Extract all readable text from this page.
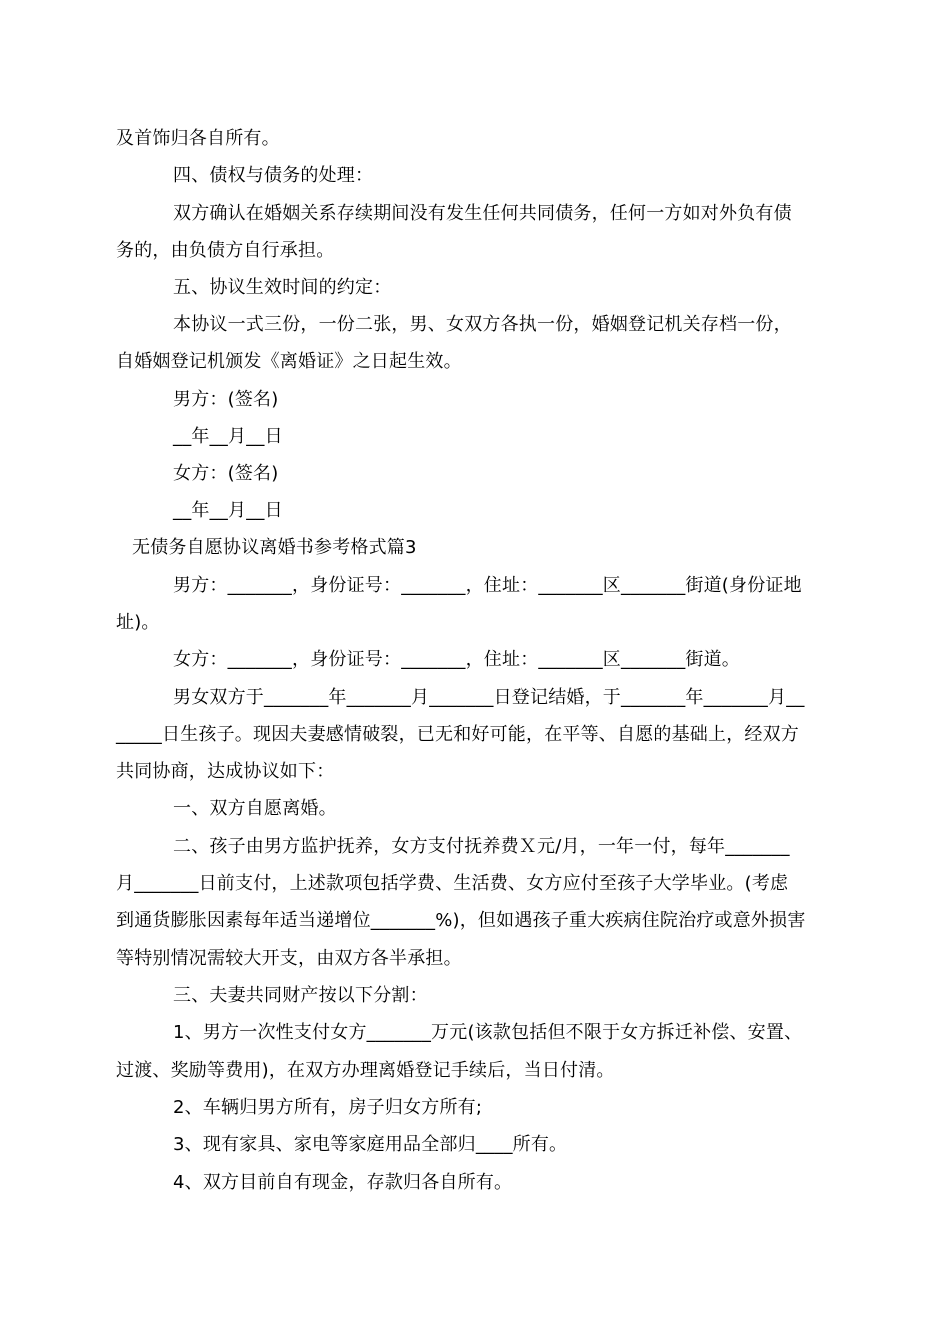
及首饰归各自所有。
四、债权与债务的处理：
双方确认在婚姻关系存续期间没有发生任何共同债务，任何一方如对外负有债
务的，由负债方自行承担。
五、协议生效时间的约定：
本协议一式三份，一份二张，男、女双方各执一份，婚姻登记机关存档一份，
自婚姻登记机颁发《离婚证》之日起生效。
男方：(签名)
__年__月__日
女方：(签名)
__年__月__日
无债务自愿协议离婚书参考格式篇3
男方：_______，身份证号：_______，住址：_______区_______街道(身份证地
址)。
女方：_______，身份证号：_______，住址：_______区_______街道。
男女双方于_______年_______月_______日登记结婚，于_______年_______月__
_____日生孩子。现因夫妻感情破裂，已无和好可能，在平等、自愿的基础上，经双方
共同协商，达成协议如下：
一、双方自愿离婚。
二、孩子由男方监护抚养，女方支付抚养费Ｘ元/月，一年一付，每年_______
月_______日前支付，上述款项包括学费、生活费、女方应付至孩子大学毕业。(考虑
到通货膨胀因素每年适当递增位_______%)，但如遇孩子重大疾病住院治疗或意外损害
等特别情况需较大开支，由双方各半承担。
三、夫妻共同财产按以下分割：
1、男方一次性支付女方_______万元(该款包括但不限于女方拆迁补偿、安置、
过渡、奖励等费用)，在双方办理离婚登记手续后，当日付清。
2、车辆归男方所有，房子归女方所有;
3、现有家具、家电等家庭用品全部归____所有。
4、双方目前自有现金，存款归各自所有。
